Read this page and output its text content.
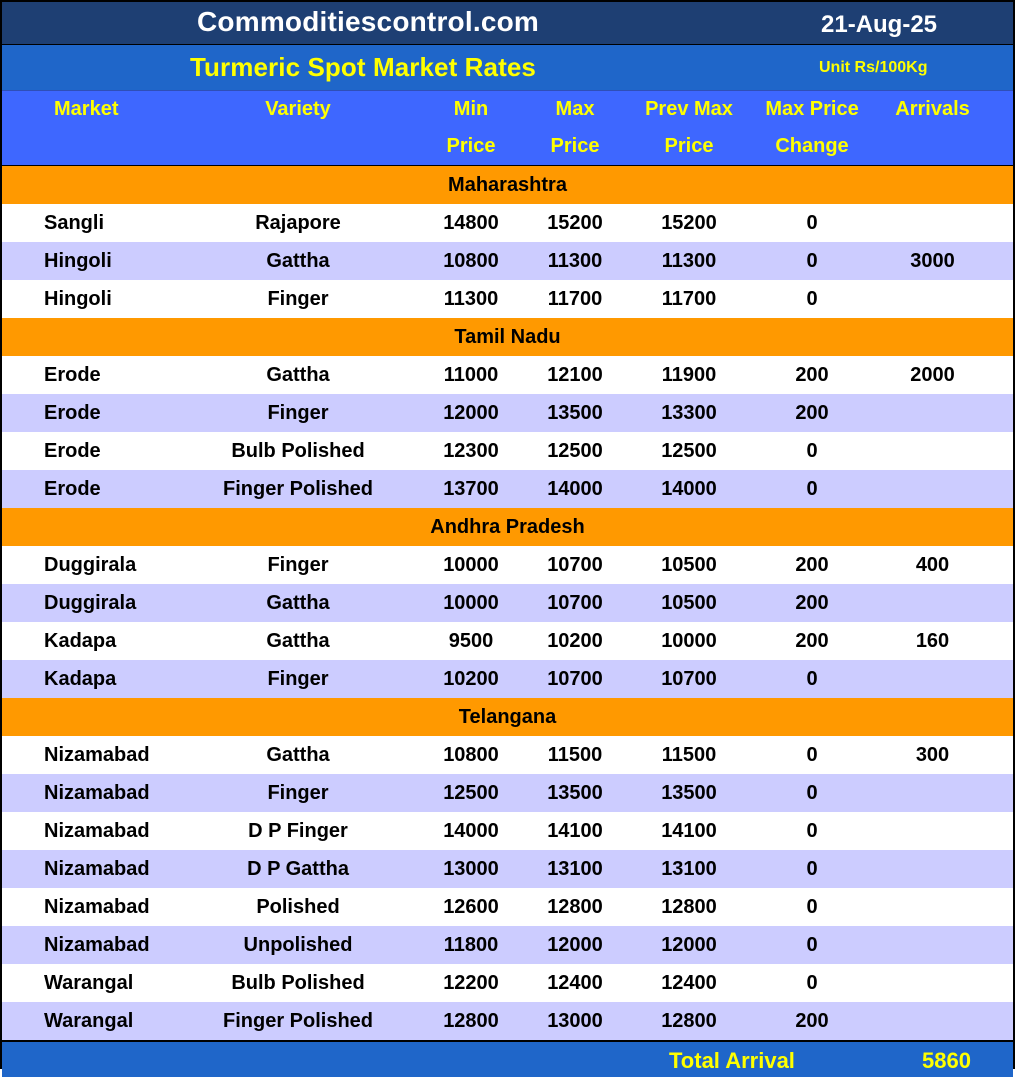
Commoditiescontrol.com	21-Aug-25
Turmeric Spot Market Rates	Unit Rs/100Kg
Market	Variety	Min	Max	Prev Max	Max Price	Arrivals
Price	Price	Price	Change
Maharashtra
Sangli	Rajapore	14800	15200	15200	0
Hingoli	Gattha	10800	11300	11300	0	3000
Hingoli	Finger	11300	11700	11700	0
Tamil Nadu
Erode	Gattha	11000	12100	11900	200	2000
Erode	Finger	12000	13500	13300	200
Erode	Bulb Polished	12300	12500	12500	0
Erode	Finger Polished	13700	14000	14000	0
Andhra Pradesh
Duggirala	Finger	10000	10700	10500	200	400
Duggirala	Gattha	10000	10700	10500	200
Kadapa	Gattha	9500	10200	10000	200	160
Kadapa	Finger	10200	10700	10700	0
Telangana
Nizamabad	Gattha	10800	11500	11500	0	300
Nizamabad	Finger	12500	13500	13500	0
Nizamabad	D P Finger	14000	14100	14100	0
Nizamabad	D P Gattha	13000	13100	13100	0
Nizamabad	Polished	12600	12800	12800	0
Nizamabad	Unpolished	11800	12000	12000	0
Warangal	Bulb Polished	12200	12400	12400	0
Warangal	Finger Polished	12800	13000	12800	200
Total Arrival	5860
